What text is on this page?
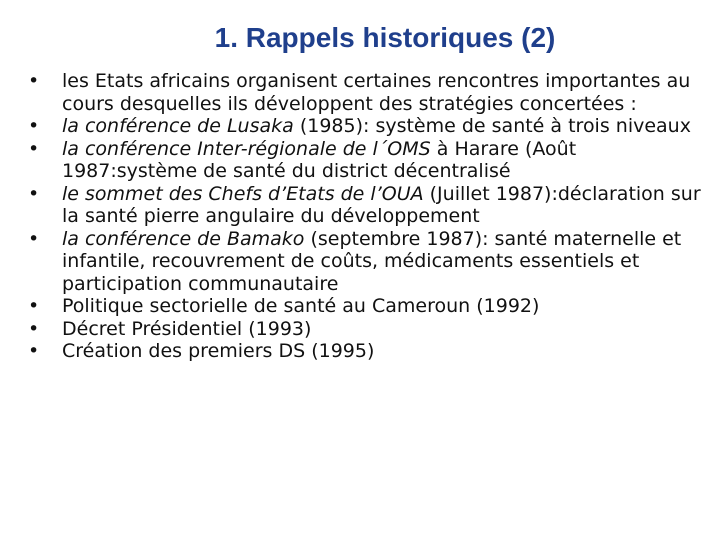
1. Rappels historiques (2)
• les Etats africains organisent certaines rencontres importantes au cours desquelles ils développent des stratégies concertées :
• la conférence de Lusaka (1985): système de santé à trois niveaux
• la conférence Inter-régionale de l´OMS à Harare (Août 1987:système de santé du district décentralisé
• le sommet des Chefs d’Etats de l’OUA (Juillet 1987):déclaration sur la santé pierre angulaire du développement
• la conférence de Bamako (septembre 1987): santé maternelle et infantile, recouvrement de coûts, médicaments essentiels et participation communautaire
• Politique sectorielle de santé au Cameroun (1992)
• Décret Présidentiel (1993)
• Création des premiers DS (1995)
